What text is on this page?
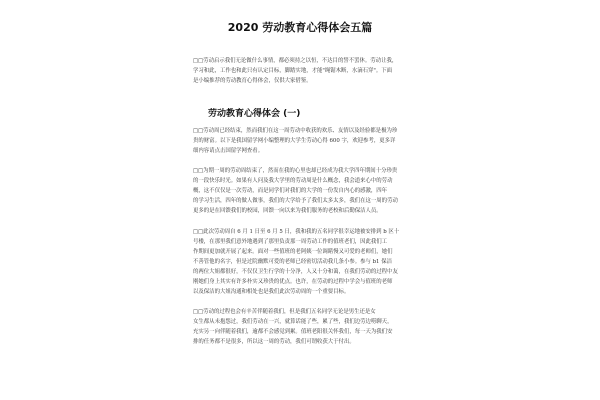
2020 劳动教育心得体会五篇
□□劳动启示我们无论做什么事情，都必须持之以恒，不达目的誓不罢休。劳动让我，
学习和此，工作也和此只有认定目标，脚踏实地，才能"绳锯木断，水滴石穿"。下面
是小编推荐的劳动教育心得体会，仅供大家借鉴。
劳动教育心得体会 (一)
□□劳动周已经结束，然而我们在这一周劳动中收获的欢乐、友情以及经验都是极为珍
贵的财富。以下是我国留学网小编整理的大学生劳动心得 600 字，欢迎参考，更多详
细内容请点击国留学网查看。
□□为期一周的劳动周结束了，然而在我的心里也却已经成为我大学四年期间十分珍贵
的一段快乐时光。如果有人问及我大学里的劳动周是什么概念，我会道来心中的劳动
概，这不仅仅是一次劳动，而是同学们对我们的大学的一份发自内心的感激，四年
的学习生活，四年的做人做事，我们的大学给予了我们太多太多，我们在这一周的劳动
更多的是在回馈我们的校园，回馈一向以来为我们服务的老校和后勤保洁人员。
□□此次劳动周自 6 月 1 日至 6 月 5 日，我和我的五名同学很幸运地被安排到 b 区十
号楼，在那里我们意外地遇到了那里负责那一周劳动工作的值班老们，因此我们工
作期间更加就开展了起来。面对一些值班的老阿姨一位调睹慢又可爱的老师们，她们
不善管他的名字，但是过院幽默可爱的老师已经密切活动我几条小参。参与 b1 保洁
的两位大姐都很好，不仅仅卫生行学的十分净，人又十分和蔼，在我们劳动的过程中友
刚她们身上其实有许多朴实又珍贵的优点。也许，在劳动的过程中学会与值班的老师
以及保洁的大姐沟通和相处也是我们此次劳动周的一个重要目标。
□□劳动的过程也会有辛苦伴随着我们，但是我们五名同学无论是男生还是女
女生都从未抱怨过，我们劳动在一兴，就算话能了些，累了些，我们边劳边唠聊天，
充实另一向伴随着我们，逾都不会感觉到累。值班老阳很关怀我们，每一天为我们安
排的任务都不是很多，所以这一周的劳动，我们可谓收获大于付出。
